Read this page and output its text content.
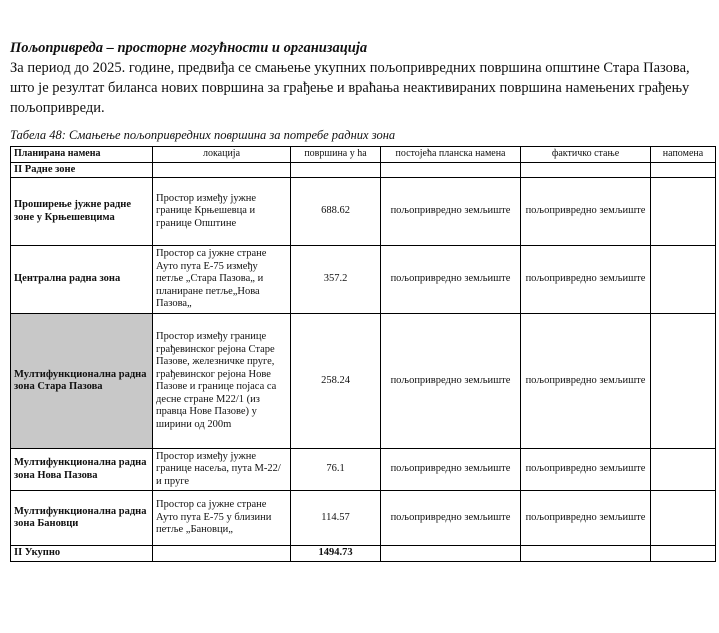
Пољопривреда – просторне могућности и организација

За период до 2025. године, предвиђа се смањење укупних пољопривредних површина општине Стара Пазова, што је резултат биланса нових површина за грађење и враћања неактивираних површина намењених грађењу пољопривреди.

Табела 48: Смањење пољопривредних површина за потребе радних зона

Планирана намена	локација	површина у ha	постојећа планска намена	фактичко стање	напомена
II Радне зоне					
Проширење јужне радне зоне у Крњешевцима	Простор између јужне границе Крњешевца и границе Општине	688.62	пољопривредно земљиште	пољопривредно земљиште	
Централна радна зона	Простор са јужне стране Ауто пута Е-75 између петље „Стара Пазова„ и планиране петље„Нова Пазова„	357.2	пољопривредно земљиште	пољопривредно земљиште	
Мултифункционална радна зона Стара Пазова	Простор између границе грађевинског рејона Старе Пазове, железничке пруге, грађевинског рејона Нове Пазове и границе појаса са десне стране М22/1 (из правца Нове Пазове) у ширини од 200m	258.24	пољопривредно земљиште	пољопривредно земљиште	
Мултифункционална радна зона Нова Пазова	Простор између јужне границе насеља, пута М-22/ и пруге	76.1	пољопривредно земљиште	пољопривредно земљиште	
Мултифункционална радна зона Бановци	Простор са јужне стране Ауто пута Е-75 у близини петље „Бановци„	114.57	пољопривредно земљиште	пољопривредно земљиште	
II Укупно		1494.73			
